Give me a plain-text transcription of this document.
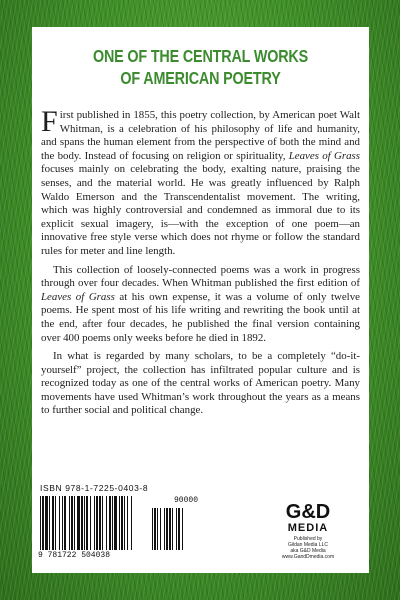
ONE OF THE CENTRAL WORKS
OF AMERICAN POETRY

First published in 1855, this poetry collection, by American poet Walt Whitman, is a celebration of his philosophy of life and humanity, and spans the human element from the perspective of both the mind and the body. Instead of focusing on religion or spirituality, Leaves of Grass focuses mainly on celebrating the body, exalting nature, praising the senses, and the material world. He was greatly influenced by Ralph Waldo Emerson and the Transcendentalist movement. The writing, which was highly controversial and condemned as immoral due to its explicit sexual imagery, is—with the exception of one poem—an innovative free style verse which does not rhyme or follow the standard rules for meter and line length.

This collection of loosely-connected poems was a work in progress through over four decades. When Whitman published the first edition of Leaves of Grass at his own expense, it was a volume of only twelve poems. He spent most of his life writing and rewriting the book until at the end, after four decades, he published the final version containing over 400 poems only weeks before he died in 1892.

In what is regarded by many scholars, to be a completely “do-it-yourself” project, the collection has infiltrated popular culture and is recognized today as one of the central works of American poetry. Many movements have used Whitman’s work throughout the years as a means to further social and political change.

ISBN 978-1-7225-0403-8
9 781722 504038
90000
G&D
MEDIA
Published by
Gildan Media LLC
aka G&D Media
www.GandDmedia.com
